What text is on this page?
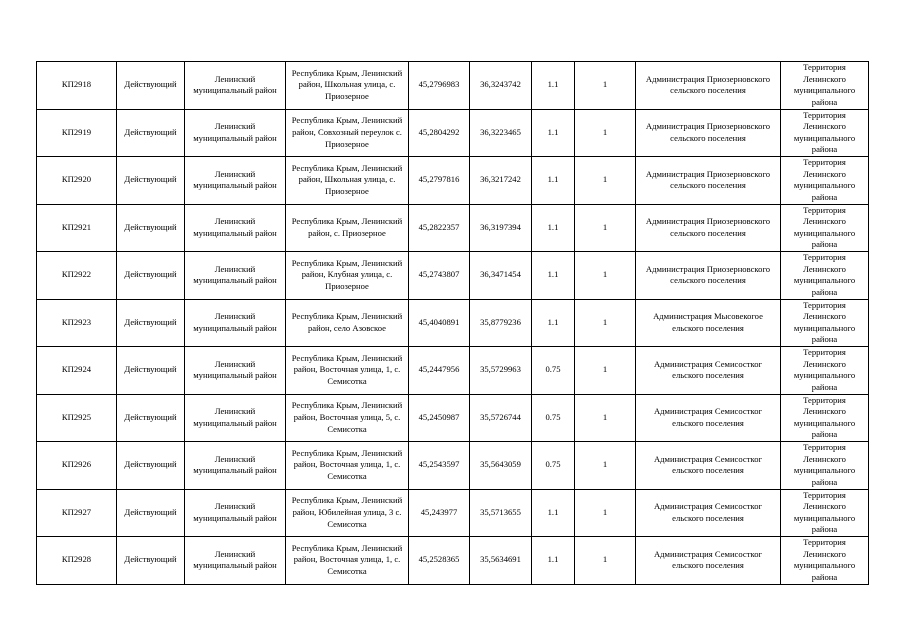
КП2918	Действующий	Ленинский муниципальный район	Республика Крым, Ленинский район, Школьная улица, с. Приозерное	45,2796983	36,3243742	1.1	1	Администрация Приозерновского сельского поселения	Территория Ленинского муниципального района
КП2919	Действующий	Ленинский муниципальный район	Республика Крым, Ленинский район, Совхозный переулок с. Приозерное	45,2804292	36,3223465	1.1	1	Администрация Приозерновского сельского поселения	Территория Ленинского муниципального района
КП2920	Действующий	Ленинский муниципальный район	Республика Крым, Ленинский район, Школьная улица, с. Приозерное	45,2797816	36,3217242	1.1	1	Администрация Приозерновского сельского поселения	Территория Ленинского муниципального района
КП2921	Действующий	Ленинский муниципальный район	Республика Крым, Ленинский район, с. Приозерное	45,2822357	36,3197394	1.1	1	Администрация Приозерновского сельского поселения	Территория Ленинского муниципального района
КП2922	Действующий	Ленинский муниципальный район	Республика Крым, Ленинский район, Клубная улица, с. Приозерное	45,2743807	36,3471454	1.1	1	Администрация Приозерновского сельского поселения	Территория Ленинского муниципального района
КП2923	Действующий	Ленинский муниципальный район	Республика Крым, Ленинский район, село Азовское	45,4040891	35,8779236	1.1	1	Администрация Мысовекогое ельского поселения	Территория Ленинского муниципального района
КП2924	Действующий	Ленинский муниципальный район	Республика Крым, Ленинский район, Восточная улица, 1, с. Семисотка	45,2447956	35,5729963	0.75	1	Администрация Семисостког ельского поселения	Территория Ленинского муниципального района
КП2925	Действующий	Ленинский муниципальный район	Республика Крым, Ленинский район, Восточная улица, 5, с. Семисотка	45,2450987	35,5726744	0.75	1	Администрация Семисостког ельского поселения	Территория Ленинского муниципального района
КП2926	Действующий	Ленинский муниципальный район	Республика Крым, Ленинский район, Восточная улица, 1, с. Семисотка	45,2543597	35,5643059	0.75	1	Администрация Семисостког ельского поселения	Территория Ленинского муниципального района
КП2927	Действующий	Ленинский муниципальный район	Республика Крым, Ленинский район, Юбилейная улица, 3 с. Семисотка	45,243977	35,5713655	1.1	1	Администрация Семисостког ельского поселения	Территория Ленинского муниципального района
КП2928	Действующий	Ленинский муниципальный район	Республика Крым, Ленинский район, Восточная улица, 1, с. Семисотка	45,2528365	35,5634691	1.1	1	Администрация Семисостког ельского поселения	Территория Ленинского муниципального района
